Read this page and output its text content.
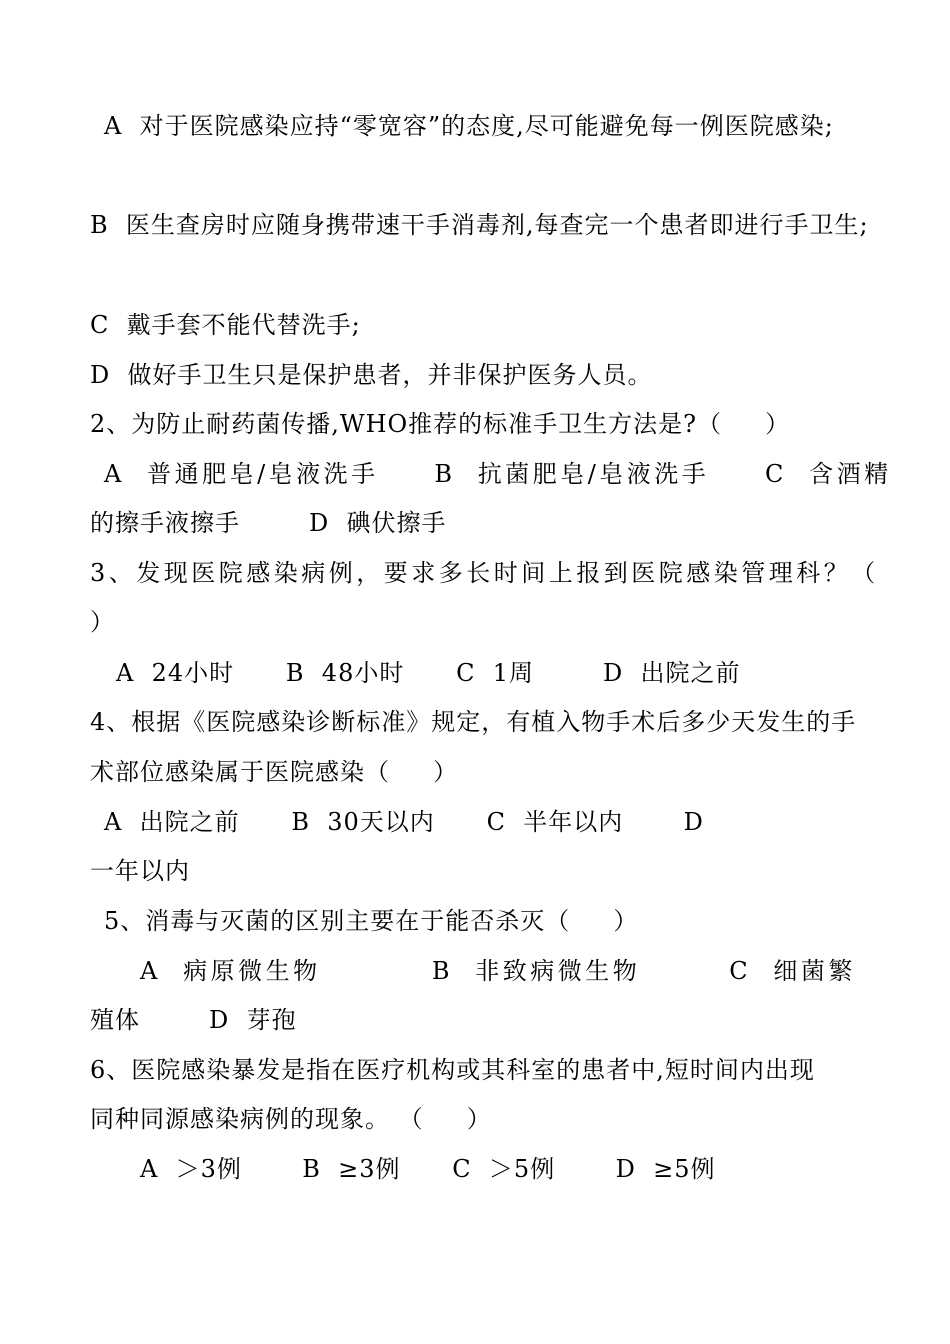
A  对于医院感染应持“零宽容”的态度,尽可能避免每一例医院感染;
B  医生查房时应随身携带速干手消毒剂,每查完一个患者即进行手卫生;
C  戴手套不能代替洗手;
D  做好手卫生只是保护患者，并非保护医务人员。
2、为防止耐药菌传播,WHO推荐的标准手卫生方法是?（     ）
A  普通肥皂/皂液洗手     B  抗菌肥皂/皂液洗手     C  含酒精
的擦手液擦手        D  碘伏擦手
3、发现医院感染病例，要求多长时间上报到医院感染管理科？（
）
A  24小时      B  48小时      C  1周        D  出院之前
4、根据《医院感染诊断标准》规定，有植入物手术后多少天发生的手
术部位感染属于医院感染（     ）
A  出院之前      B  30天以内      C  半年以内       D
一年以内
5、消毒与灭菌的区别主要在于能否杀灭（     ）
A  病原微生物          B  非致病微生物        C  细菌繁
殖体        D  芽孢
6、医院感染暴发是指在医疗机构或其科室的患者中,短时间内出现
同种同源感染病例的现象。 （     ）
A  ＞3例       B  ≥3例      C  ＞5例       D  ≥5例
